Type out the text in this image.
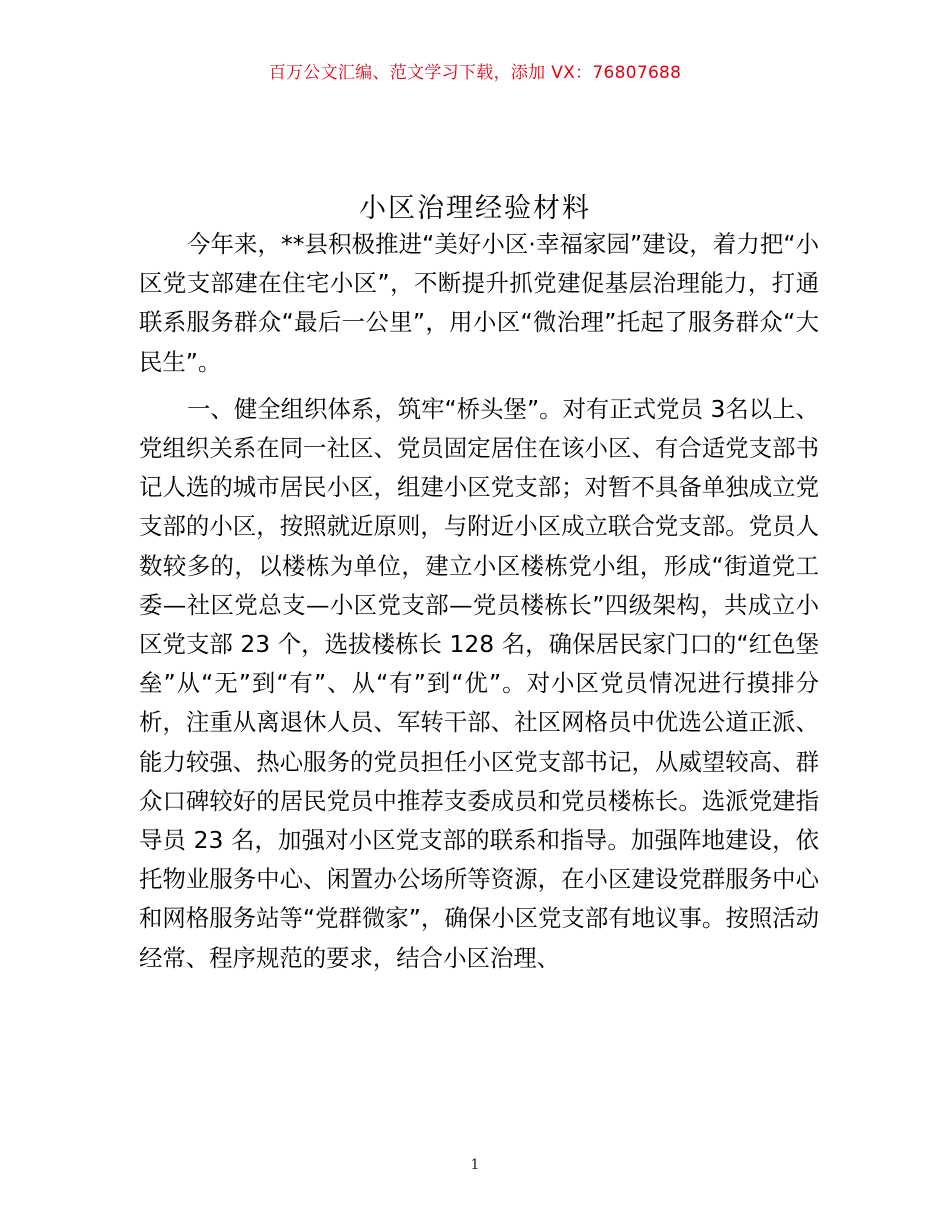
百万公文汇编、范文学习下载，添加 VX：76807688
小区治理经验材料

今年来，**县积极推进“美好小区·幸福家园”建设，着力把“小区党支部建在住宅小区”，不断提升抓党建促基层治理能力，打通联系服务群众“最后一公里”，用小区“微治理”托起了服务群众“大民生”。

一、健全组织体系，筑牢“桥头堡”。对有正式党员 3名以上、党组织关系在同一社区、党员固定居住在该小区、有合适党支部书记人选的城市居民小区，组建小区党支部；对暂不具备单独成立党支部的小区，按照就近原则，与附近小区成立联合党支部。党员人数较多的，以楼栋为单位，建立小区楼栋党小组，形成“街道党工委—社区党总支—小区党支部—党员楼栋长”四级架构，共成立小区党支部 23 个，选拔楼栋长 128 名，确保居民家门口的“红色堡垒”从“无”到“有”、从“有”到“优”。对小区党员情况进行摸排分析，注重从离退休人员、军转干部、社区网格员中优选公道正派、能力较强、热心服务的党员担任小区党支部书记，从威望较高、群众口碑较好的居民党员中推荐支委成员和党员楼栋长。选派党建指导员 23 名，加强对小区党支部的联系和指导。加强阵地建设，依托物业服务中心、闲置办公场所等资源，在小区建设党群服务中心和网格服务站等“党群微家”，确保小区党支部有地议事。按照活动经常、程序规范的要求，结合小区治理、

1
